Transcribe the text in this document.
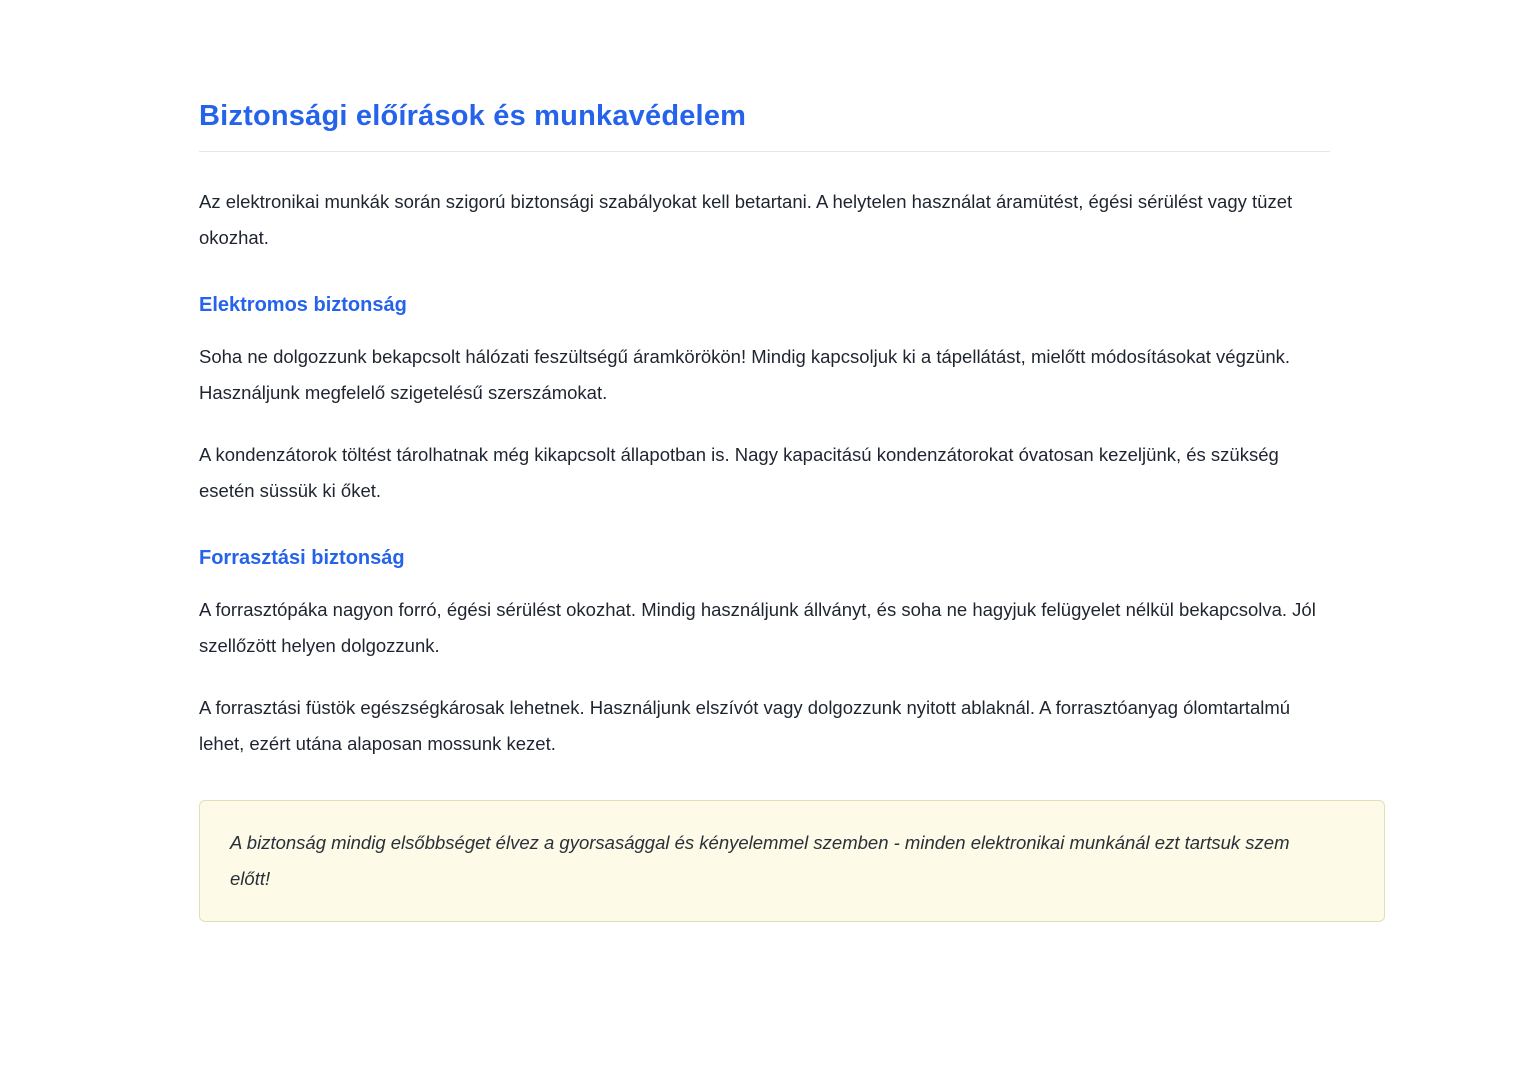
Biztonsági előírások és munkavédelem

Az elektronikai munkák során szigorú biztonsági szabályokat kell betartani. A helytelen használat áramütést, égési sérülést vagy tüzet okozhat.

Elektromos biztonság

Soha ne dolgozzunk bekapcsolt hálózati feszültségű áramkörökön! Mindig kapcsoljuk ki a tápellátást, mielőtt módosításokat végzünk. Használjunk megfelelő szigetelésű szerszámokat.

A kondenzátorok töltést tárolhatnak még kikapcsolt állapotban is. Nagy kapacitású kondenzátorokat óvatosan kezeljünk, és szükség esetén süssük ki őket.

Forrasztási biztonság

A forrasztópáka nagyon forró, égési sérülést okozhat. Mindig használjunk állványt, és soha ne hagyjuk felügyelet nélkül bekapcsolva. Jól szellőzött helyen dolgozzunk.

A forrasztási füstök egészségkárosak lehetnek. Használjunk elszívót vagy dolgozzunk nyitott ablaknál. A forrasztóanyag ólomtartalmú lehet, ezért utána alaposan mossunk kezet.

A biztonság mindig elsőbbséget élvez a gyorsasággal és kényelemmel szemben - minden elektronikai munkánál ezt tartsuk szem előtt!
